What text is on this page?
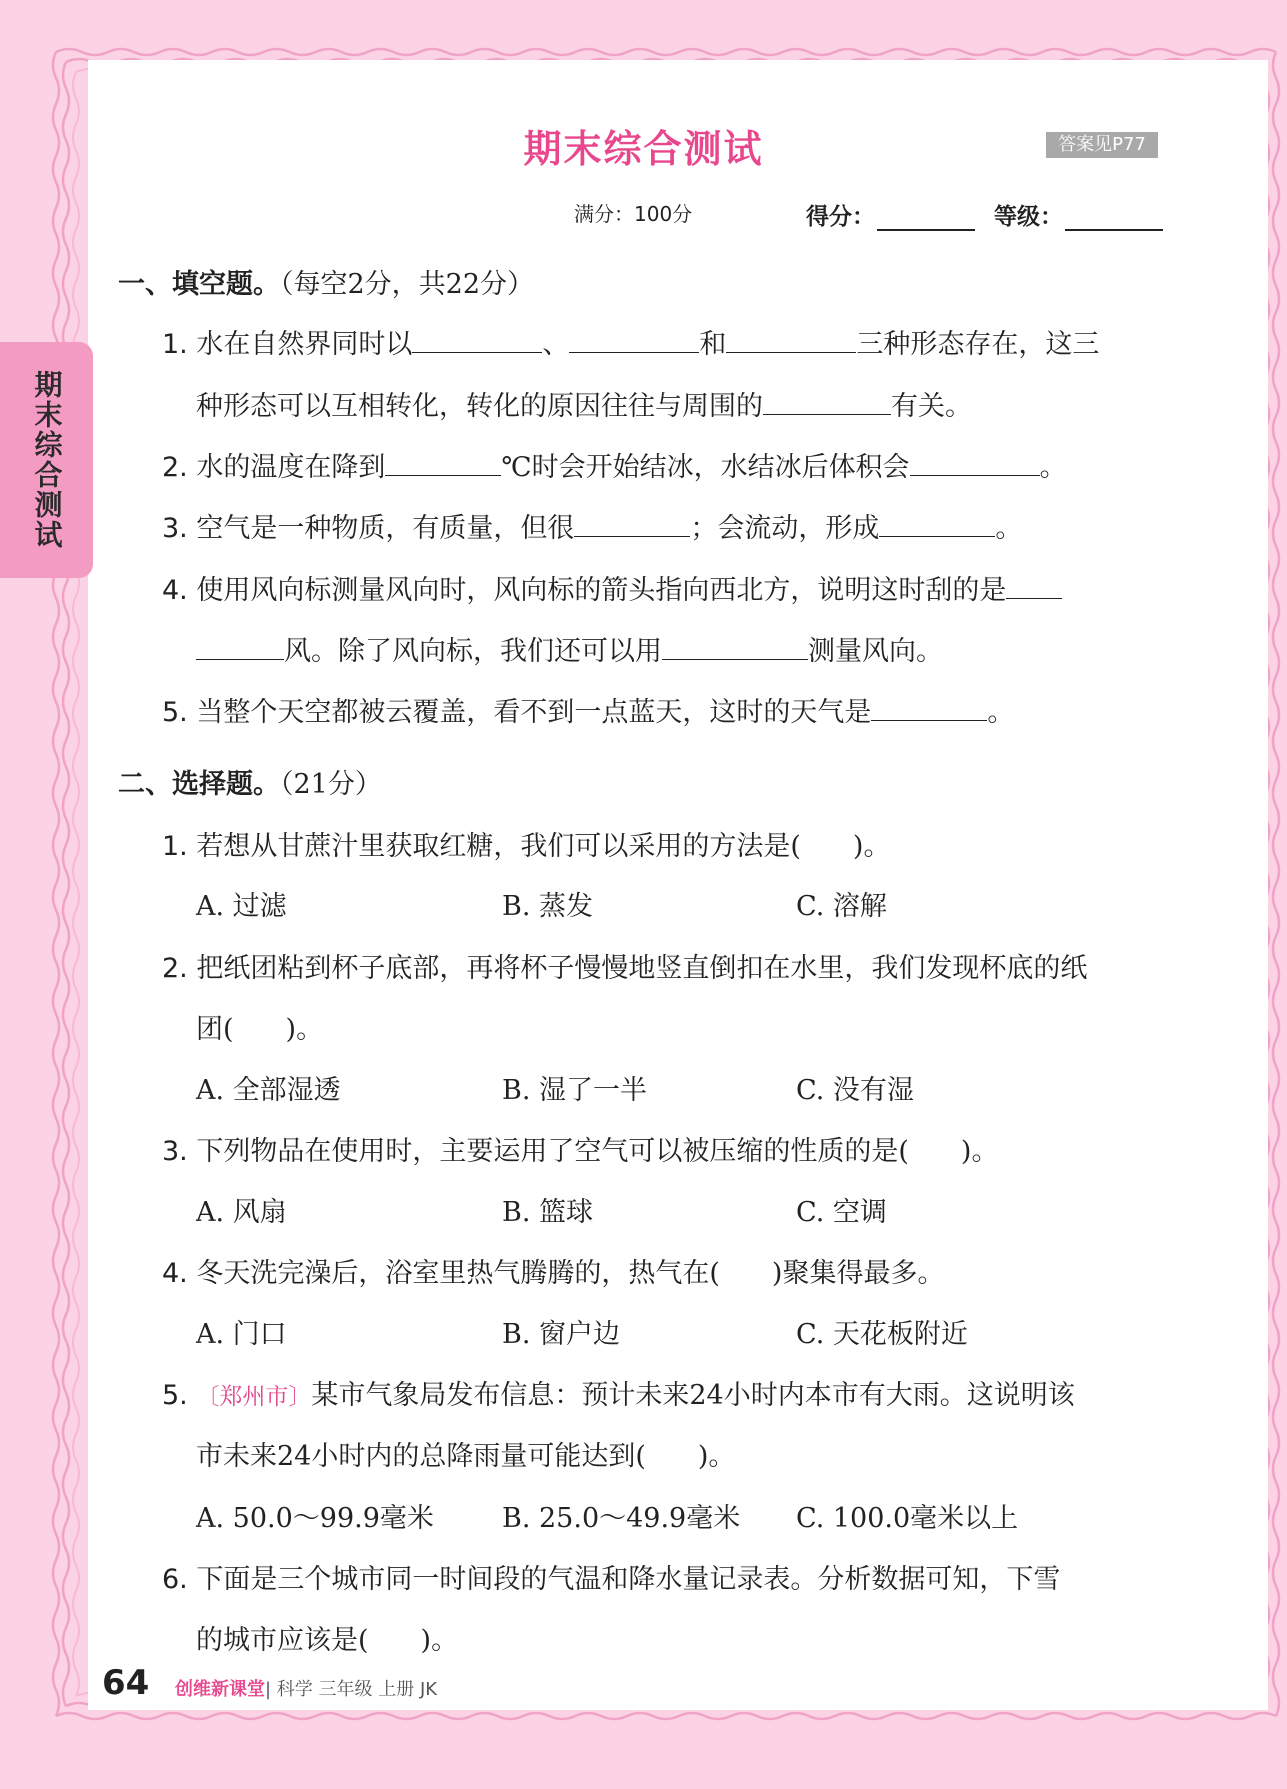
期末综合测试
期末综合测试	答案见P77
满分：100分	得分：	等级：
一、填空题。（每空2分，共22分）
1. 水在自然界同时以	、	和	三种形态存在，这三
种形态可以互相转化，转化的原因往往与周围的	有关。
2. 水的温度在降到	℃时会开始结冰，水结冰后体积会	。
3. 空气是一种物质，有质量，但很	；会流动，形成	。
4. 使用风向标测量风向时，风向标的箭头指向西北方，说明这时刮的是
风。除了风向标，我们还可以用	测量风向。
5. 当整个天空都被云覆盖，看不到一点蓝天，这时的天气是	。
二、选择题。（21分）
1. 若想从甘蔗汁里获取红糖，我们可以采用的方法是( )。
A. 过滤	B. 蒸发	C. 溶解
2. 把纸团粘到杯子底部，再将杯子慢慢地竖直倒扣在水里，我们发现杯底的纸
团( )。
A. 全部湿透	B. 湿了一半	C. 没有湿
3. 下列物品在使用时，主要运用了空气可以被压缩的性质的是( )。
A. 风扇	B. 篮球	C. 空调
4. 冬天洗完澡后，浴室里热气腾腾的，热气在( )聚集得最多。
A. 门口	B. 窗户边	C. 天花板附近
5. 〔郑州市〕某市气象局发布信息：预计未来24小时内本市有大雨。这说明该
市未来24小时内的总降雨量可能达到( )。
A. 50.0～99.9毫米	B. 25.0～49.9毫米 C. 100.0毫米以上
6. 下面是三个城市同一时间段的气温和降水量记录表。分析数据可知，下雪
的城市应该是( )。
64 创维新课堂| 科学 三年级 上册 JK
